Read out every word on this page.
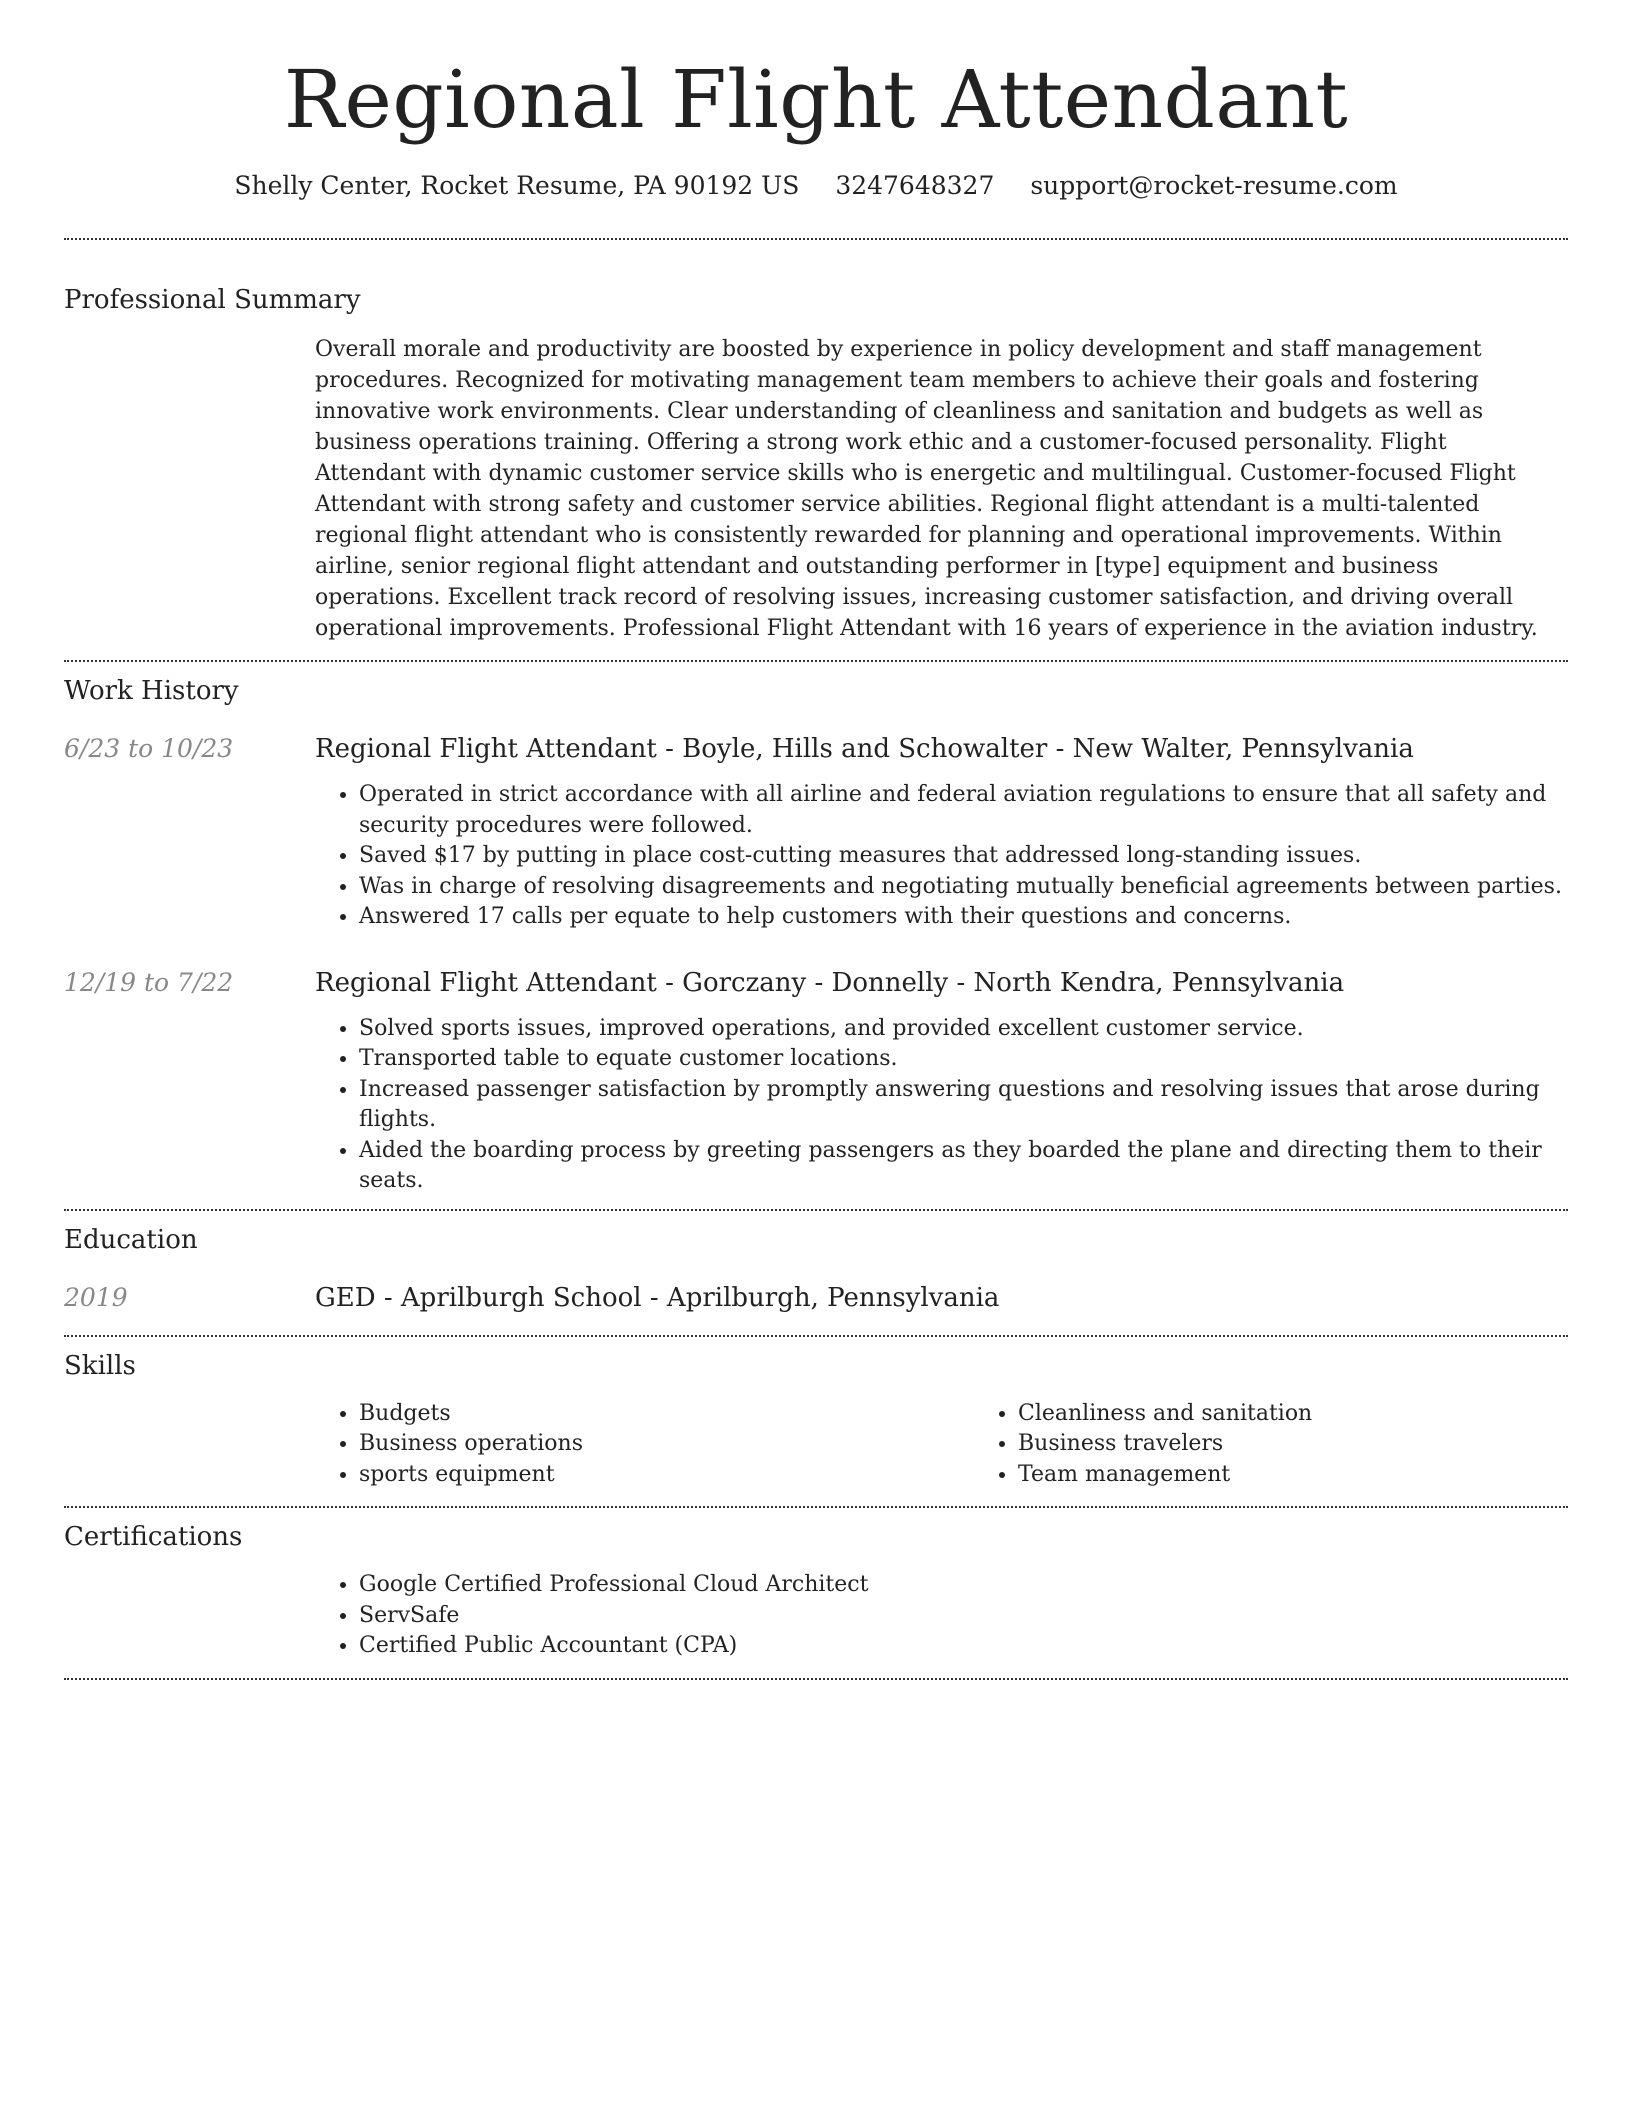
Regional Flight Attendant
Shelly Center, Rocket Resume, PA 90192 US 3247648327 support@rocket-resume.com
Professional Summary

Overall morale and productivity are boosted by experience in policy development and staff management procedures. Recognized for motivating management team members to achieve their goals and fostering innovative work environments. Clear understanding of cleanliness and sanitation and budgets as well as business operations training. Offering a strong work ethic and a customer-focused personality. Flight Attendant with dynamic customer service skills who is energetic and multilingual. Customer-focused Flight Attendant with strong safety and customer service abilities. Regional flight attendant is a multi-talented regional flight attendant who is consistently rewarded for planning and operational improvements. Within airline, senior regional flight attendant and outstanding performer in [type] equipment and business operations. Excellent track record of resolving issues, increasing customer satisfaction, and driving overall operational improvements. Professional Flight Attendant with 16 years of experience in the aviation industry.

Work History
6/23 to 10/23	Regional Flight Attendant - Boyle, Hills and Schowalter - New Walter, Pennsylvania
• Operated in strict accordance with all airline and federal aviation regulations to ensure that all safety and security procedures were followed.
• Saved $17 by putting in place cost-cutting measures that addressed long-standing issues.
• Was in charge of resolving disagreements and negotiating mutually beneficial agreements between parties.
• Answered 17 calls per equate to help customers with their questions and concerns.
12/19 to 7/22	Regional Flight Attendant - Gorczany - Donnelly - North Kendra, Pennsylvania
• Solved sports issues, improved operations, and provided excellent customer service.
• Transported table to equate customer locations.
• Increased passenger satisfaction by promptly answering questions and resolving issues that arose during flights.
• Aided the boarding process by greeting passengers as they boarded the plane and directing them to their seats.
Education
2019	GED - Aprilburgh School - Aprilburgh, Pennsylvania
Skills
• Budgets
• Business operations
• sports equipment
• Cleanliness and sanitation
• Business travelers
• Team management
Certifications
• Google Certified Professional Cloud Architect
• ServSafe
• Certified Public Accountant (CPA)
